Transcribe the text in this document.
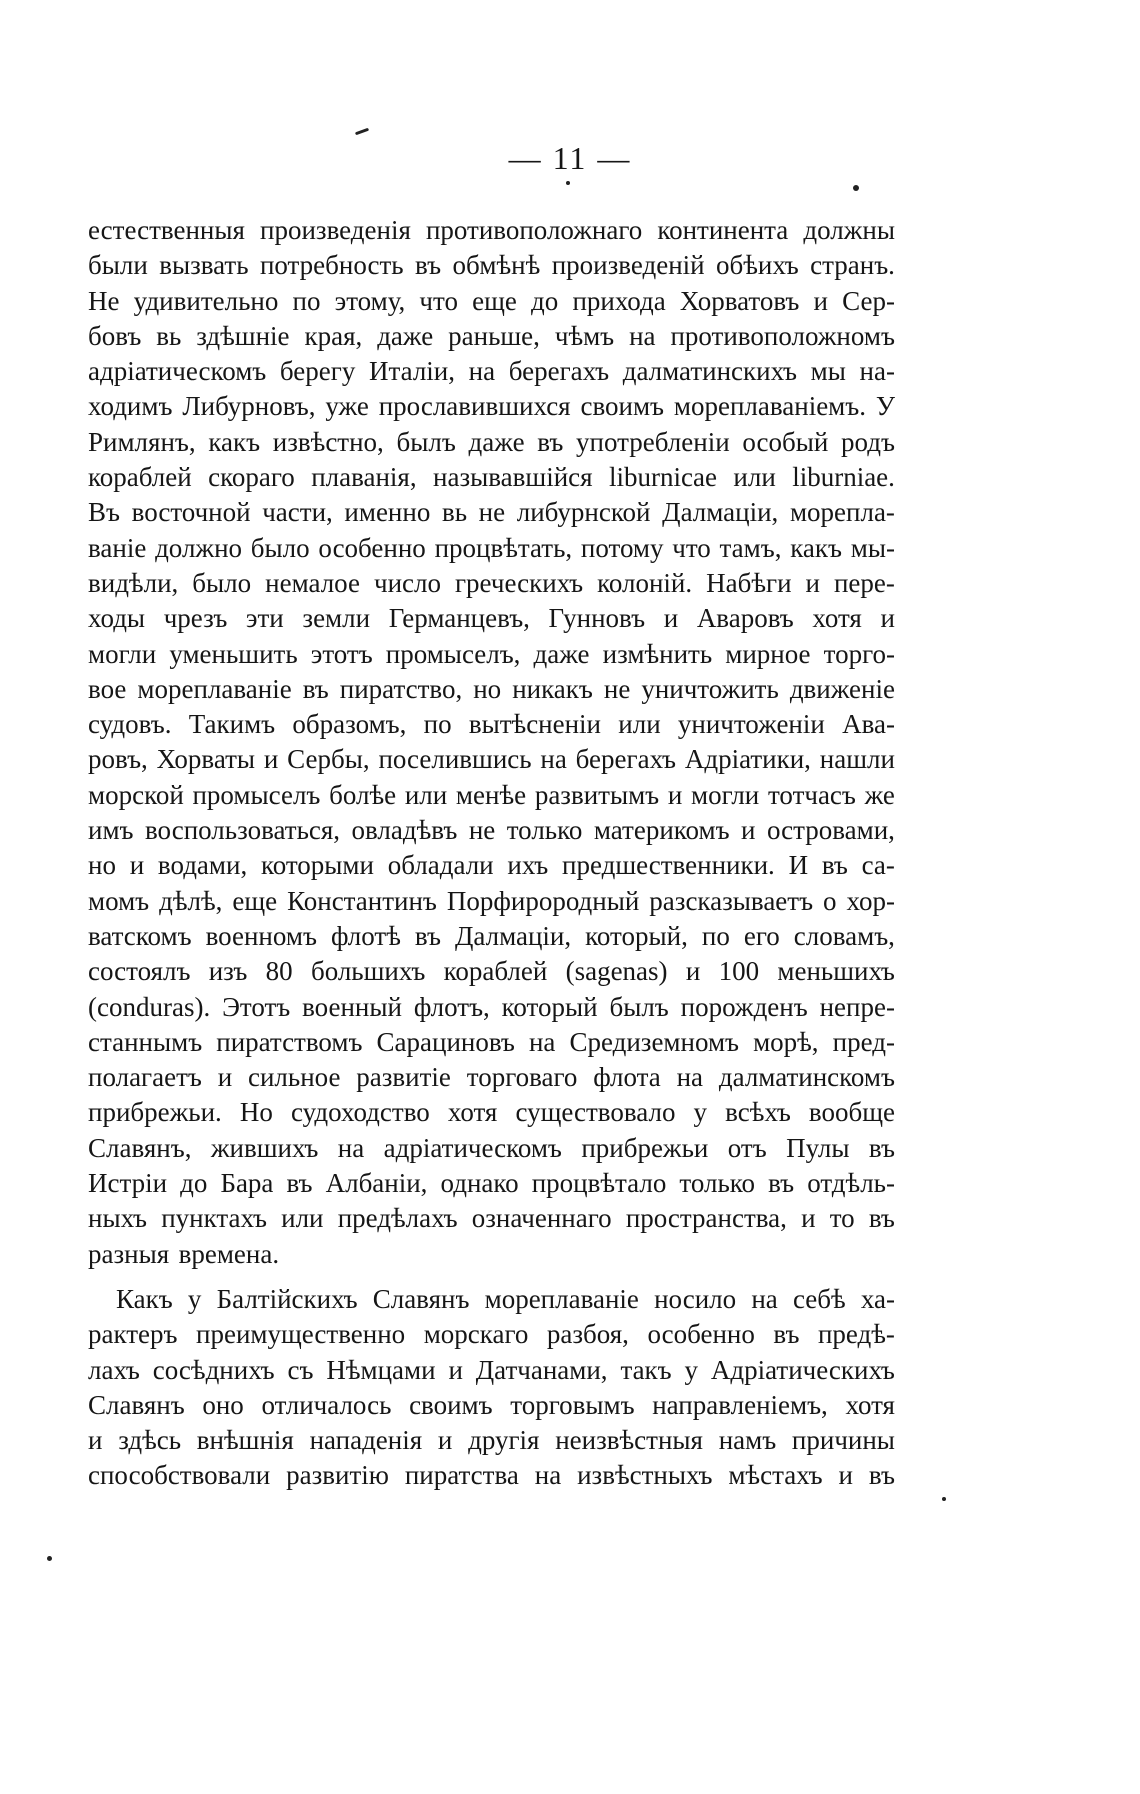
— 11 —
естественныя произведенія противоположнаго континента должны
были вызвать потребность въ обмѣнѣ произведеній обѣихъ странъ.
Не удивительно по этому, что еще до прихода Хорватовъ и Сер-
бовъ вь здѣшніе края, даже раньше, чѣмъ на противоположномъ
адріатическомъ берегу Италіи, на берегахъ далматинскихъ мы на-
ходимъ Либурновъ, уже прославившихся своимъ мореплаваніемъ. У
Римлянъ, какъ извѣстно, былъ даже въ употребленіи особый родъ
кораблей скораго плаванія, называвшійся liburnicae или liburniae.
Въ восточной части, именно вь не либурнской Далмаціи, морепла-
ваніе должно было особенно процвѣтать, потому что тамъ, какъ мы-
видѣли, было немалое число греческихъ колоній. Набѣги и пере-
ходы чрезъ эти земли Германцевъ, Гунновъ и Аваровъ хотя и
могли уменьшить этотъ промыселъ, даже измѣнить мирное торго-
вое мореплаваніе въ пиратство, но никакъ не уничтожить движеніе
судовъ. Такимъ образомъ, по вытѣсненіи или уничтоженіи Ава-
ровъ, Хорваты и Сербы, поселившись на берегахъ Адріатики, нашли
морской промыселъ болѣе или менѣе развитымъ и могли тотчасъ же
имъ воспользоваться, овладѣвъ не только материкомъ и островами,
но и водами, которыми обладали ихъ предшественники. И въ са-
момъ дѣлѣ, еще Константинъ Порфирородный разсказываетъ о хор-
ватскомъ военномъ флотѣ въ Далмаціи, который, по его словамъ,
состоялъ изъ 80 большихъ кораблей (sagenas) и 100 меньшихъ
(conduras). Этотъ военный флотъ, который былъ порожденъ непре-
станнымъ пиратствомъ Сарациновъ на Средиземномъ морѣ, пред-
полагаетъ и сильное развитіе торговаго флота на далматинскомъ
прибрежьи. Но судоходство хотя существовало у всѣхъ вообще
Славянъ, жившихъ на адріатическомъ прибрежьи отъ Пулы въ
Истріи до Бара въ Албаніи, однако процвѣтало только въ отдѣль-
ныхъ пунктахъ или предѣлахъ означеннаго пространства, и то въ
разныя времена.
Какъ у Балтійскихъ Славянъ мореплаваніе носило на себѣ ха-
рактеръ преимущественно морскаго разбоя, особенно въ предѣ-
лахъ сосѣднихъ съ Нѣмцами и Датчанами, такъ у Адріатическихъ
Славянъ оно отличалось своимъ торговымъ направленіемъ, хотя
и здѣсь внѣшнія нападенія и другія неизвѣстныя намъ причины
способствовали развитію пиратства на извѣстныхъ мѣстахъ и въ
